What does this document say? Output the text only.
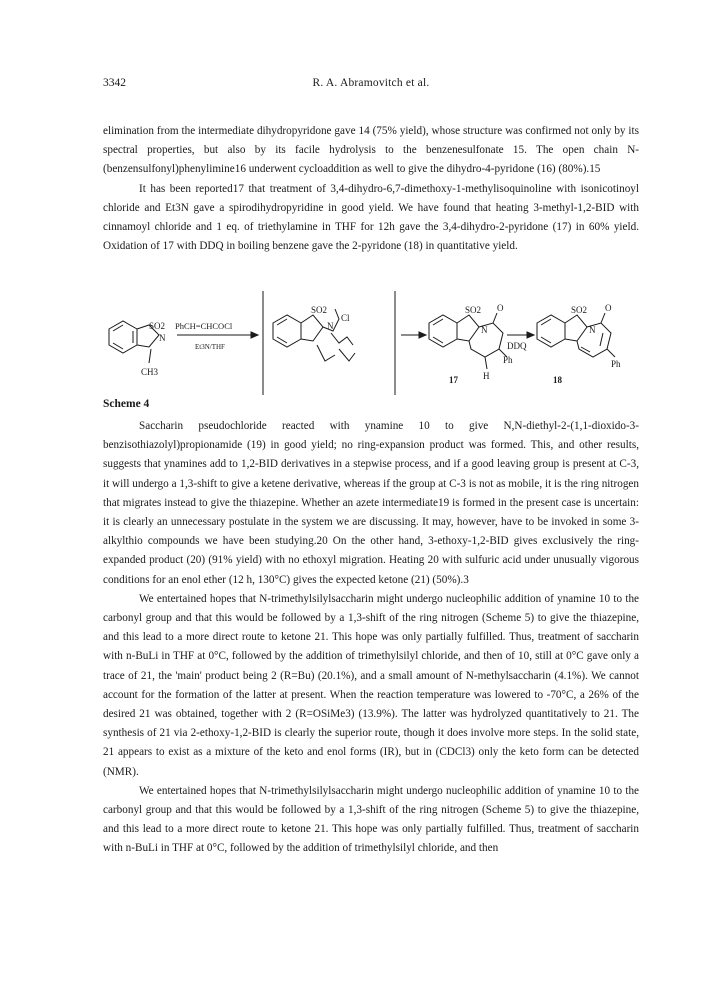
3342	R. A. Abramovitch et al.

elimination from the intermediate dihydropyridone gave 14 (75% yield), whose structure was confirmed not only by its spectral properties, but also by its facile hydrolysis to the benzenesulfonate 15. The open chain N-(benzensulfonyl)phenylimine16 underwent cycloaddition as well to give the dihydro-4-pyridone (16) (80%).15

It has been reported17 that treatment of 3,4-dihydro-6,7-dimethoxy-1-methylisoquinoline with isonicotinoyl chloride and Et3N gave a spirodihydropyridine in good yield. We have found that heating 3-methyl-1,2-BID with cinnamoyl chloride and 1 eq. of triethylamine in THF for 12h gave the 3,4-dihydro-2-pyridone (17) in 60% yield. Oxidation of 17 with DDQ in boiling benzene gave the 2-pyridone (18) in quantitative yield.

SO2
N
CH3
PhCH=CHCOCl
Et3N/THF
SO2
N
Cl
SO2
N
O
Ph
H
17
DDQ
SO2
N
O
Ph
18
Scheme 4

Saccharin pseudochloride reacted with ynamine 10 to give N,N-diethyl-2-(1,1-dioxido-3-benzisothiazolyl)propionamide (19) in good yield; no ring-expansion product was formed. This, and other results, suggests that ynamines add to 1,2-BID derivatives in a stepwise process, and if a good leaving group is present at C-3, it will undergo a 1,3-shift to give a ketene derivative, whereas if the group at C-3 is not as mobile, it is the ring nitrogen that migrates instead to give the thiazepine. Whether an azete intermediate19 is formed in the present case is uncertain: it is clearly an unnecessary postulate in the system we are discussing. It may, however, have to be invoked in some 3-alkylthio compounds we have been studying.20 On the other hand, 3-ethoxy-1,2-BID gives exclusively the ring-expanded product (20) (91% yield) with no ethoxyl migration. Heating 20 with sulfuric acid under unusually vigorous conditions for an enol ether (12 h, 130°C) gives the expected ketone (21) (50%).3

We entertained hopes that N-trimethylsilylsaccharin might undergo nucleophilic addition of ynamine 10 to the carbonyl group and that this would be followed by a 1,3-shift of the ring nitrogen (Scheme 5) to give the thiazepine, and this lead to a more direct route to ketone 21. This hope was only partially fulfilled. Thus, treatment of saccharin with n-BuLi in THF at 0°C, followed by the addition of trimethylsilyl chloride, and then of 10, still at 0°C gave only a trace of 21, the 'main' product being 2 (R=Bu) (20.1%), and a small amount of N-methylsaccharin (4.1%). We cannot account for the formation of the latter at present. When the reaction temperature was lowered to -70°C, a 26% of the desired 21 was obtained, together with 2 (R=OSiMe3) (13.9%). The latter was hydrolyzed quantitatively to 21. The synthesis of 21 via 2-ethoxy-1,2-BID is clearly the superior route, though it does involve more steps. In the solid state, 21 appears to exist as a mixture of the keto and enol forms (IR), but in (CDCl3) only the keto form can be detected (NMR).

We entertained hopes that N-trimethylsilylsaccharin might undergo nucleophilic addition of ynamine 10 to the carbonyl group and that this would be followed by a 1,3-shift of the ring nitrogen (Scheme 5) to give the thiazepine, and this lead to a more direct route to ketone 21. This hope was only partially fulfilled. Thus, treatment of saccharin with n-BuLi in THF at 0°C, followed by the addition of trimethylsilyl chloride, and then
